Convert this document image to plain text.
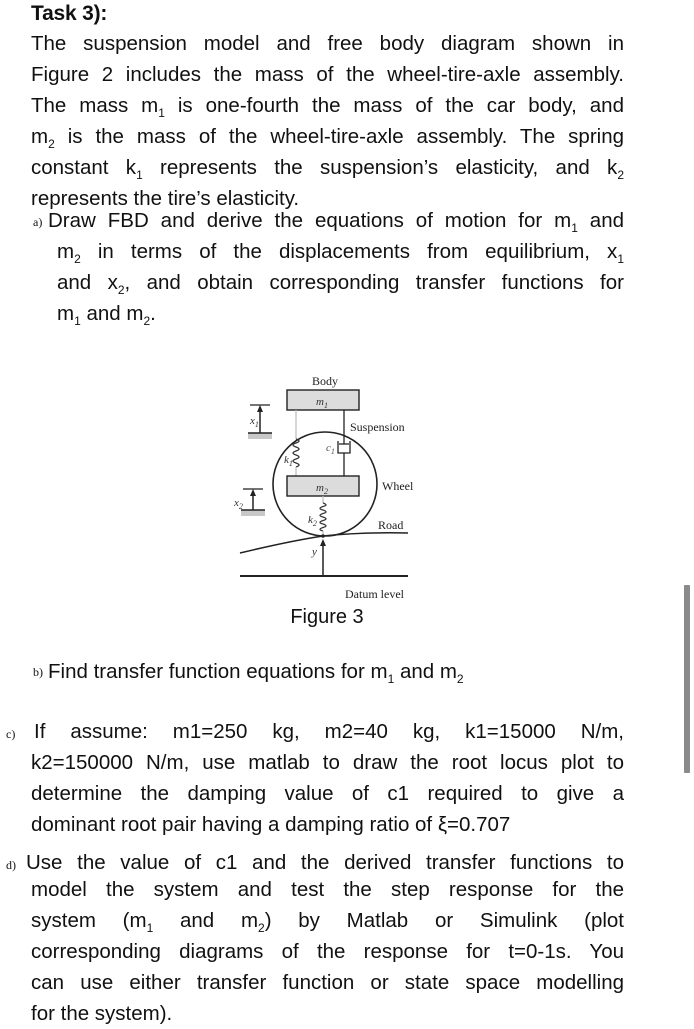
Task 3):
The suspension model and free body diagram shown in
Figure 2 includes the mass of the wheel-tire-axle assembly.
The mass $m_1$ is one-fourth the mass of the car body, and
$m_2$ is the mass of the wheel-tire-axle assembly. The spring
constant $k_1$ represents the suspension’s elasticity, and $k_2$
represents the tire’s elasticity.
a) Draw FBD and derive the equations of motion for $m_1$ and
$m_2$ in terms of the displacements from equilibrium, $x_1$
and $x_2$, and obtain corresponding transfer functions for
$m_1$ and $m_2$.
Body
$m_1$
$k_1$
$c_1$
Suspension
$m_2$	Wheel
$k_2$	Road
y
Datum level
$x_1$
$x_2$
Figure 3
b) Find transfer function equations for $m_1$ and $m_2$
c) If assume: m1=250 kg, m2=40 kg, k1=15000 N/m,
k2=150000 N/m, use matlab to draw the root locus plot to
determine the damping value of c1 required to give a
dominant root pair having a damping ratio of ξ=0.707
d) Use the value of c1 and the derived transfer functions to
model the system and test the step response for the
system ($m_1$ and $m_2$) by Matlab or Simulink (plot
corresponding diagrams of the response for t=0-1s. You
can use either transfer function or state space modelling
for the system).
